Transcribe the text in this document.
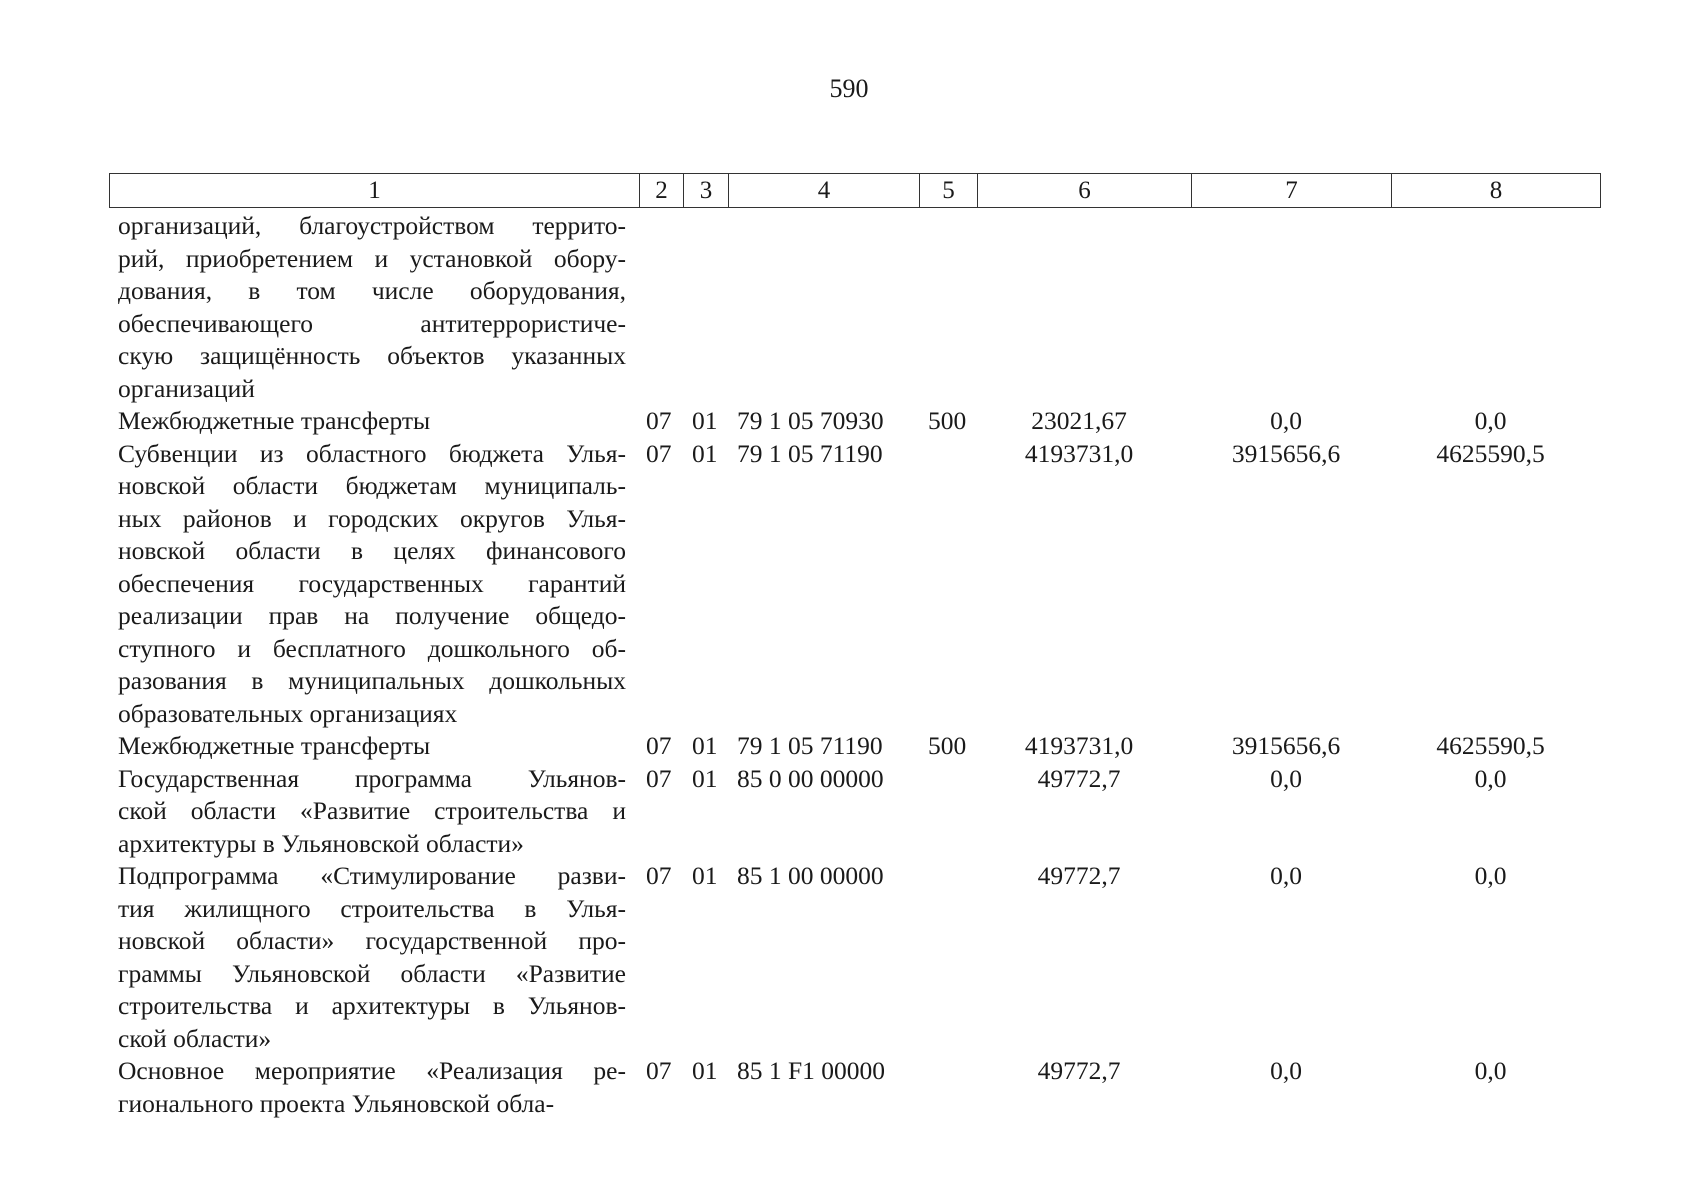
590
1	2	3	4	5	6	7	8
организаций, благоустройством террито-
рий, приобретением и установкой обору-
дования, в том числе оборудования,
обеспечивающего антитеррористиче-
скую защищённость объектов указанных
организаций
Межбюджетные трансферты	07 01 79 1 05 70930 500	23021,67	0,0	0,0
Субвенции из областного бюджета Улья-
новской области бюджетам муниципаль-
ных районов и городских округов Улья-
новской области в целях финансового
обеспечения государственных гарантий
реализации прав на получение общедо-
ступного и бесплатного дошкольного об-
разования в муниципальных дошкольных
образовательных организациях
07 01 79 1 05 71190	4193731,0	3915656,6	4625590,5
Межбюджетные трансферты	07 01 79 1 05 71190 500	4193731,0	3915656,6	4625590,5
Государственная программа Ульянов-
ской области «Развитие строительства и
архитектуры в Ульяновской области»
07 01 85 0 00 00000	49772,7	0,0	0,0
Подпрограмма «Стимулирование разви-
тия жилищного строительства в Улья-
новской области» государственной про-
граммы Ульяновской области «Развитие
строительства и архитектуры в Ульянов-
ской области»
07 01 85 1 00 00000	49772,7	0,0	0,0
Основное мероприятие «Реализация ре-
гионального проекта Ульяновской обла-
07 01 85 1 F1 00000	49772,7	0,0	0,0
